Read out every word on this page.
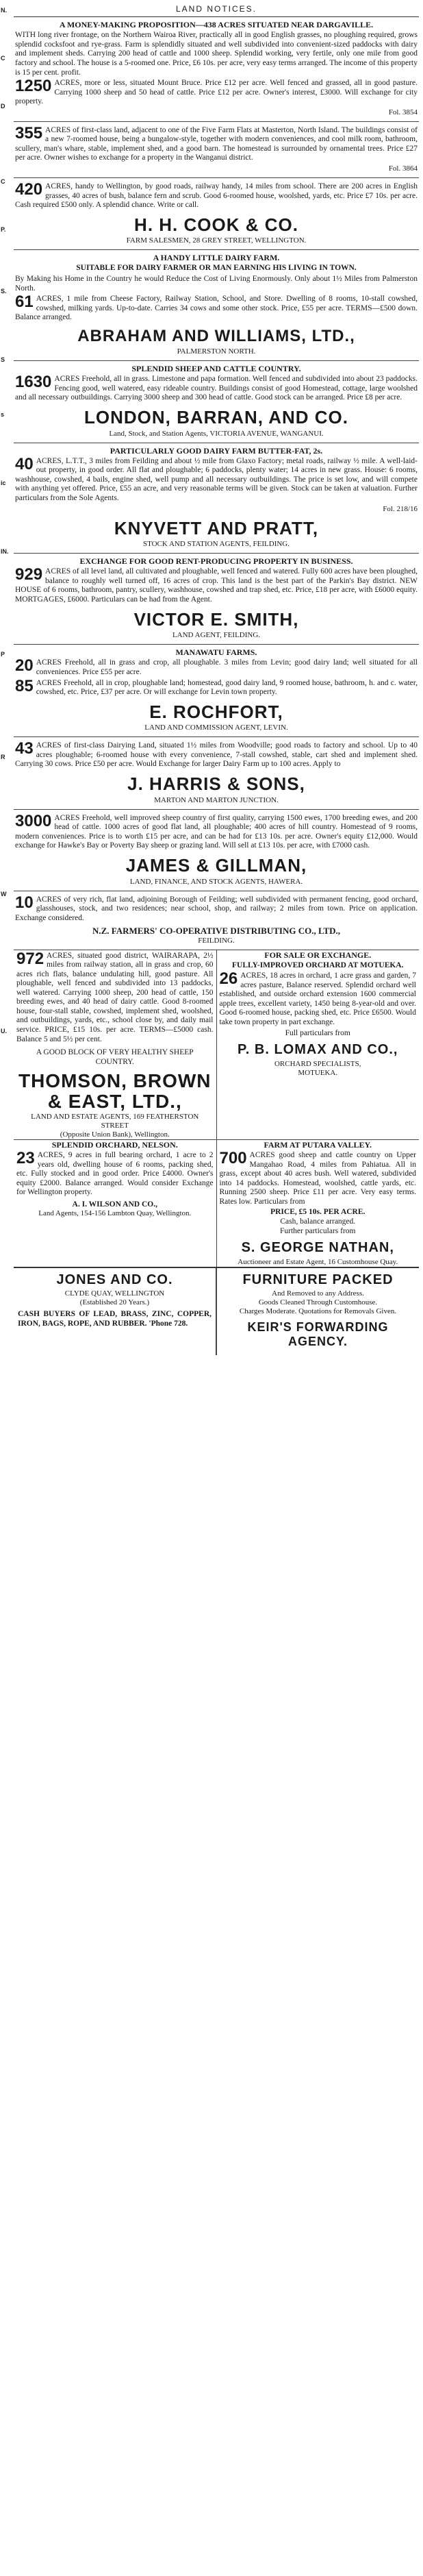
N.
C
D
C
P.
S.
S
s
ic
IN.
P
R
W
U.
LAND NOTICES.
A MONEY-MAKING PROPOSITION—438 ACRES SITUATED NEAR DARGAVILLE.
WITH long river frontage, on the Northern Wairoa River, practically all in good English grasses, no ploughing required, grows splendid cocksfoot and rye-grass. Farm is splendidly situated and well subdivided into convenient-sized paddocks with dairy and implement sheds. Carrying 200 head of cattle and 1000 sheep. Splendid working, very fertile, only one mile from good factory and school. The house is a 5-roomed one. Price, £6 10s. per acre, very easy terms arranged. The income of this property is 15 per cent. profit.
1250 ACRES, more or less, situated Mount Bruce. Price £12 per acre. Well fenced and grassed, all in good pasture. Carrying 1000 sheep and 50 head of cattle. Price £12 per acre. Owner's interest, £3000. Will exchange for city property.
Fol. 3854
355 ACRES of first-class land, adjacent to one of the Five Farm Flats at Masterton, North Island. The buildings consist of a new 7-roomed house, being a bungalow-style, together with modern conveniences, and cool milk room, bathroom, scullery, man's whare, stable, implement shed, and a good barn. The homestead is surrounded by ornamental trees. Price £27 per acre. Owner wishes to exchange for a property in the Wanganui district.
Fol. 3864
420 ACRES, handy to Wellington, by good roads, railway handy, 14 miles from school. There are 200 acres in English grasses, 40 acres of bush, balance fern and scrub. Good 6-roomed house, woolshed, yards, etc. Price £7 10s. per acre. Cash required £500 only. A splendid chance. Write or call.
H. H. COOK & CO.
FARM SALESMEN, 28 GREY STREET, WELLINGTON.
A HANDY LITTLE DAIRY FARM.
SUITABLE FOR DAIRY FARMER OR MAN EARNING HIS LIVING IN TOWN.
By Making his Home in the Country he would Reduce the Cost of Living Enormously. Only about 1½ Miles from Palmerston North.
61 ACRES, 1 mile from Cheese Factory, Railway Station, School, and Store. Dwelling of 8 rooms, 10-stall cowshed, cowshed, milking yards. Up-to-date. Carries 34 cows and some other stock. Price, £55 per acre. TERMS—£500 down. Balance arranged.
ABRAHAM AND WILLIAMS, LTD.,
PALMERSTON NORTH.
SPLENDID SHEEP AND CATTLE COUNTRY.
1630 ACRES Freehold, all in grass. Limestone and papa formation. Well fenced and subdivided into about 23 paddocks. Fencing good, well watered, easy rideable country. Buildings consist of good Homestead, cottage, large woolshed and all necessary outbuildings. Carrying 3000 sheep and 300 head of cattle. Good stock can be arranged. Price £8 per acre.
LONDON, BARRAN, AND CO.
Land, Stock, and Station Agents, VICTORIA AVENUE, WANGANUI.
PARTICULARLY GOOD DAIRY FARM BUTTER-FAT, 2s.
40 ACRES, L.T.T., 3 miles from Feilding and about ½ mile from Glaxo Factory; metal roads, railway ½ mile. A well-laid-out property, in good order. All flat and ploughable; 6 paddocks, plenty water; 14 acres in new grass. House: 6 rooms, washhouse, cowshed, 4 bails, engine shed, well pump and all necessary outbuildings. The price is set low, and will compete with anything yet offered. Price, £55 an acre, and very reasonable terms will be given. Stock can be taken at valuation. Further particulars from the Sole Agents.
Fol. 218/16
KNYVETT AND PRATT,
STOCK AND STATION AGENTS, FEILDING.
EXCHANGE FOR GOOD RENT-PRODUCING PROPERTY IN BUSINESS.
929 ACRES of all level land, all cultivated and ploughable, well fenced and watered. Fully 600 acres have been ploughed, balance to roughly well turned off, 16 acres of crop. This land is the best part of the Parkin's Bay district. NEW HOUSE of 6 rooms, bathroom, pantry, scullery, washhouse, cowshed and trap shed, etc. Price, £18 per acre, with £6000 equity. MORTGAGES, £6000. Particulars can be had from the Agent.
VICTOR E. SMITH,
LAND AGENT, FEILDING.
MANAWATU FARMS.
20 ACRES Freehold, all in grass and crop, all ploughable. 3 miles from Levin; good dairy land; well situated for all conveniences. Price £55 per acre.
85 ACRES Freehold, all in crop, ploughable land; homestead, good dairy land, 9 roomed house, bathroom, h. and c. water, cowshed, etc. Price, £37 per acre. Or will exchange for Levin town property.
E. ROCHFORT,
LAND AND COMMISSION AGENT, LEVIN.
43 ACRES of first-class Dairying Land, situated 1½ miles from Woodville; good roads to factory and school. Up to 40 acres ploughable; 6-roomed house with every convenience, 7-stall cowshed, stable, cart shed and implement shed. Carrying 30 cows. Price £50 per acre. Would Exchange for larger Dairy Farm up to 100 acres. Apply to
J. HARRIS & SONS,
MARTON AND MARTON JUNCTION.
3000 ACRES Freehold, well improved sheep country of first quality, carrying 1500 ewes, 1700 breeding ewes, and 200 head of cattle. 1000 acres of good flat land, all ploughable; 400 acres of hill country. Homestead of 9 rooms, modern conveniences. Price is to worth £15 per acre, and can be had for £13 10s. per acre. Owner's equity £12,000. Would exchange for Hawke's Bay or Poverty Bay sheep or grazing land. Will sell at £13 10s. per acre, with £7000 cash.
JAMES & GILLMAN,
LAND, FINANCE, AND STOCK AGENTS, HAWERA.
10 ACRES of very rich, flat land, adjoining Borough of Feilding; well subdivided with permanent fencing, good orchard, glasshouses, stock, and two residences; near school, shop, and railway; 2 miles from town. Price on application. Exchange considered.
N.Z. FARMERS' CO-OPERATIVE DISTRIBUTING CO., LTD.,
FEILDING.
972 ACRES, situated good district, WAIRARAPA, 2½ miles from railway station, all in grass and crop, 60 acres rich flats, balance undulating hill, good pasture. All ploughable, well fenced and subdivided into 13 paddocks, well watered. Carrying 1000 sheep, 200 head of cattle, 150 breeding ewes, and 40 head of dairy cattle. Good 8-roomed house, four-stall stable, cowshed, implement shed, woolshed, and outbuildings, yards, etc., school close by, and daily mail service. PRICE, £15 10s. per acre. TERMS—£5000 cash. Balance 5 and 5½ per cent.
A GOOD BLOCK OF VERY HEALTHY SHEEP COUNTRY.
THOMSON, BROWN & EAST, LTD.,
LAND AND ESTATE AGENTS, 169 FEATHERSTON STREET
(Opposite Union Bank), Wellington.
FOR SALE OR EXCHANGE.
FULLY-IMPROVED ORCHARD AT MOTUEKA.
26 ACRES, 18 acres in orchard, 1 acre grass and garden, 7 acres pasture, Balance reserved. Splendid orchard well established, and outside orchard extension 1600 commercial apple trees, excellent variety, 1450 being 8-year-old and over. Good 6-roomed house, packing shed, etc. Price £6500. Would take town property in part exchange.
Full particulars from
P. B. LOMAX AND CO.,
ORCHARD SPECIALISTS,
MOTUEKA.
SPLENDID ORCHARD, NELSON.
23 ACRES, 9 acres in full bearing orchard, 1 acre to 2 years old, dwelling house of 6 rooms, packing shed, etc. Fully stocked and in good order. Price £4000. Owner's equity £2000. Balance arranged. Would consider Exchange for Wellington property.
A. I. WILSON AND CO.,
Land Agents, 154-156 Lambton Quay, Wellington.
FARM AT PUTARA VALLEY.
700 ACRES good sheep and cattle country on Upper Mangahao Road, 4 miles from Pahiatua. All in grass, except about 40 acres bush. Well watered, subdivided into 14 paddocks. Homestead, woolshed, cattle yards, etc. Running 2500 sheep. Price £11 per acre. Very easy terms. Rates low. Particulars from
PRICE, £5 10s. PER ACRE.
Cash, balance arranged.
Further particulars from
S. GEORGE NATHAN,
Auctioneer and Estate Agent, 16 Customhouse Quay.
JONES AND CO.
CLYDE QUAY, WELLINGTON
(Established 20 Years.)
CASH BUYERS OF LEAD, BRASS, ZINC, COPPER, IRON, BAGS, ROPE, AND RUBBER. 'Phone 728.
FURNITURE PACKED
And Removed to any Address.
Goods Cleaned Through Customhouse.
Charges Moderate. Quotations for Removals Given.
KEIR'S FORWARDING AGENCY.
